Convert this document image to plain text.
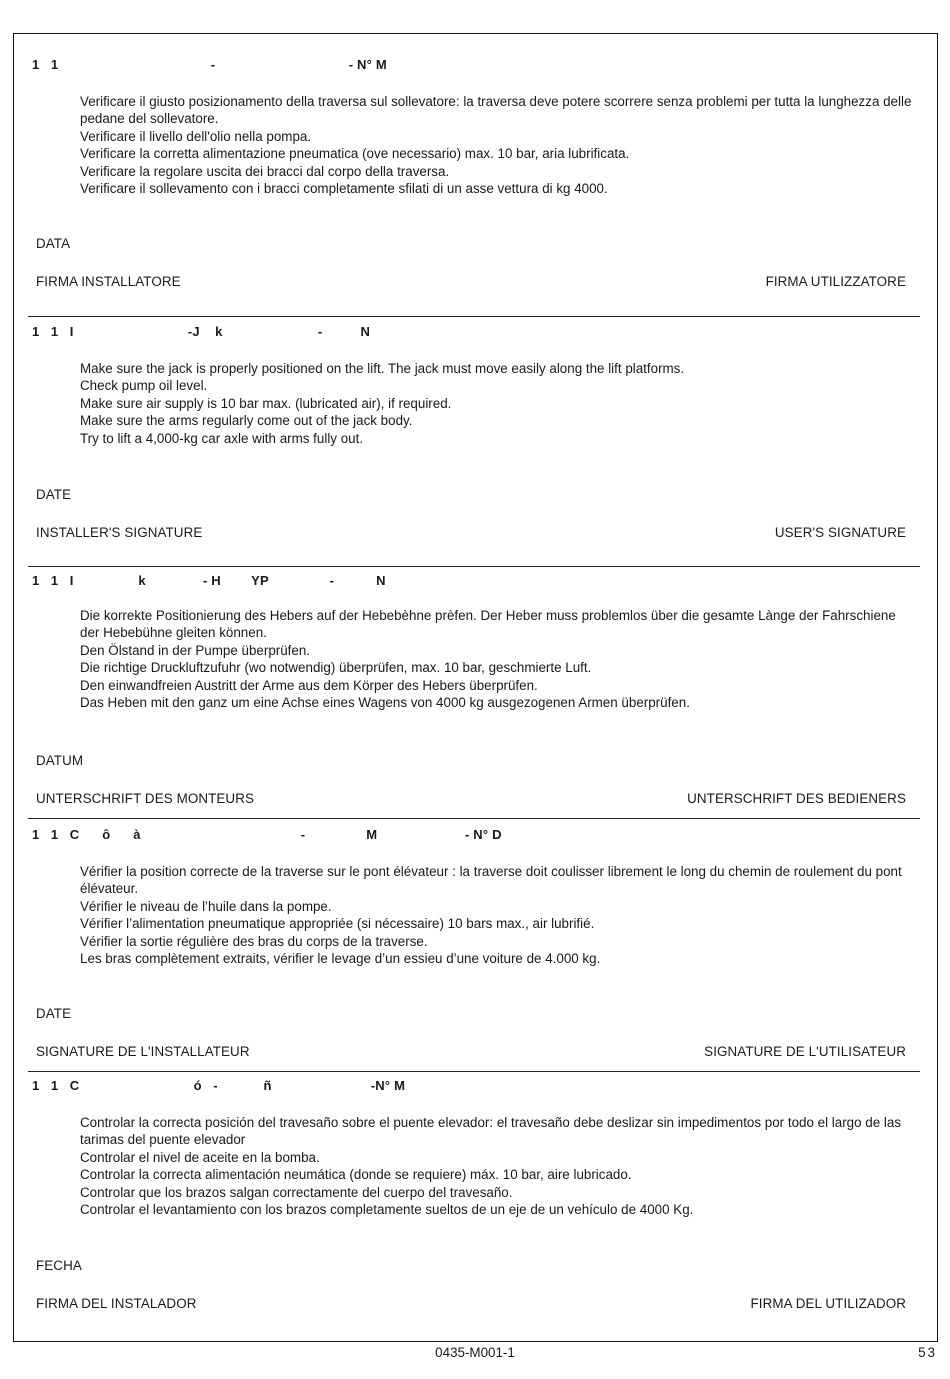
1   1                                        -                                   - N° M

Verificare il giusto posizionamento della traversa sul sollevatore: la traversa deve potere scorrere senza problemi per tutta la lunghezza delle pedane del sollevatore.

Verificare il livello dell'olio nella pompa.

Verificare la corretta alimentazione pneumatica (ove necessario) max. 10 bar, aria lubrificata.

Verificare la regolare uscita dei bracci dal corpo della traversa.

Verificare il sollevamento con i bracci completamente sfilati di un asse vettura di kg 4000.

DATA
FIRMA INSTALLATORE	FIRMA UTILIZZATORE
1   1   I                              -J    k                         -          N

Make sure the jack is properly positioned on the lift. The jack must move easily along the lift platforms.

Check pump oil level.

Make sure air supply is 10 bar max. (lubricated air), if required.

Make sure the arms regularly come out of the jack body.

Try to lift a 4,000-kg car axle with arms fully out.

DATE
INSTALLER'S SIGNATURE	USER'S SIGNATURE
1   1   I                 k               - H        YP                -           N

Die korrekte Positionierung des Hebers auf der Hebebèhne prèfen. Der Heber muss problemlos über die gesamte Lànge der Fahrschiene der Hebebühne gleiten können.

Den Ölstand in der Pumpe überprüfen.

Die richtige Druckluftzufuhr (wo notwendig) überprüfen, max. 10 bar, geschmierte Luft.

Den einwandfreien Austritt der Arme aus dem Körper des Hebers überprüfen.

Das Heben mit den ganz um eine Achse eines Wagens von 4000 kg ausgezogenen Armen überprüfen.

DATUM
UNTERSCHRIFT DES MONTEURS	UNTERSCHRIFT DES BEDIENERS
1   1   C      ô      à                                          -                M                       - N° D

Vérifier la position correcte de la traverse sur le pont élévateur : la traverse doit coulisser librement le long du chemin de roulement du pont élévateur.

Vérifier le niveau de l’huile dans la pompe.

Vérifier l’alimentation pneumatique appropriée (si nécessaire) 10 bars max., air lubrifié.

Vérifier la sortie régulière des bras du corps de la traverse.

Les bras complètement extraits, vérifier le levage d’un essieu d’une voiture de 4.000 kg.

DATE
SIGNATURE DE L'INSTALLATEUR	SIGNATURE DE L'UTILISATEUR
1   1   C                              ó   -            ñ                          -N° M

Controlar la correcta posición del travesaño sobre el puente elevador: el travesaño debe deslizar sin impedimentos por todo el largo de las tarimas del puente elevador

Controlar el nivel de aceite en la bomba.

Controlar la correcta alimentación neumática (donde se requiere) máx. 10 bar, aire lubricado.

Controlar que los brazos salgan correctamente del cuerpo del travesaño.

Controlar el levantamiento con los brazos completamente sueltos de un eje de un vehículo de 4000 Kg.

FECHA
FIRMA DEL INSTALADOR	FIRMA DEL UTILIZADOR
0435-M001-1	53
